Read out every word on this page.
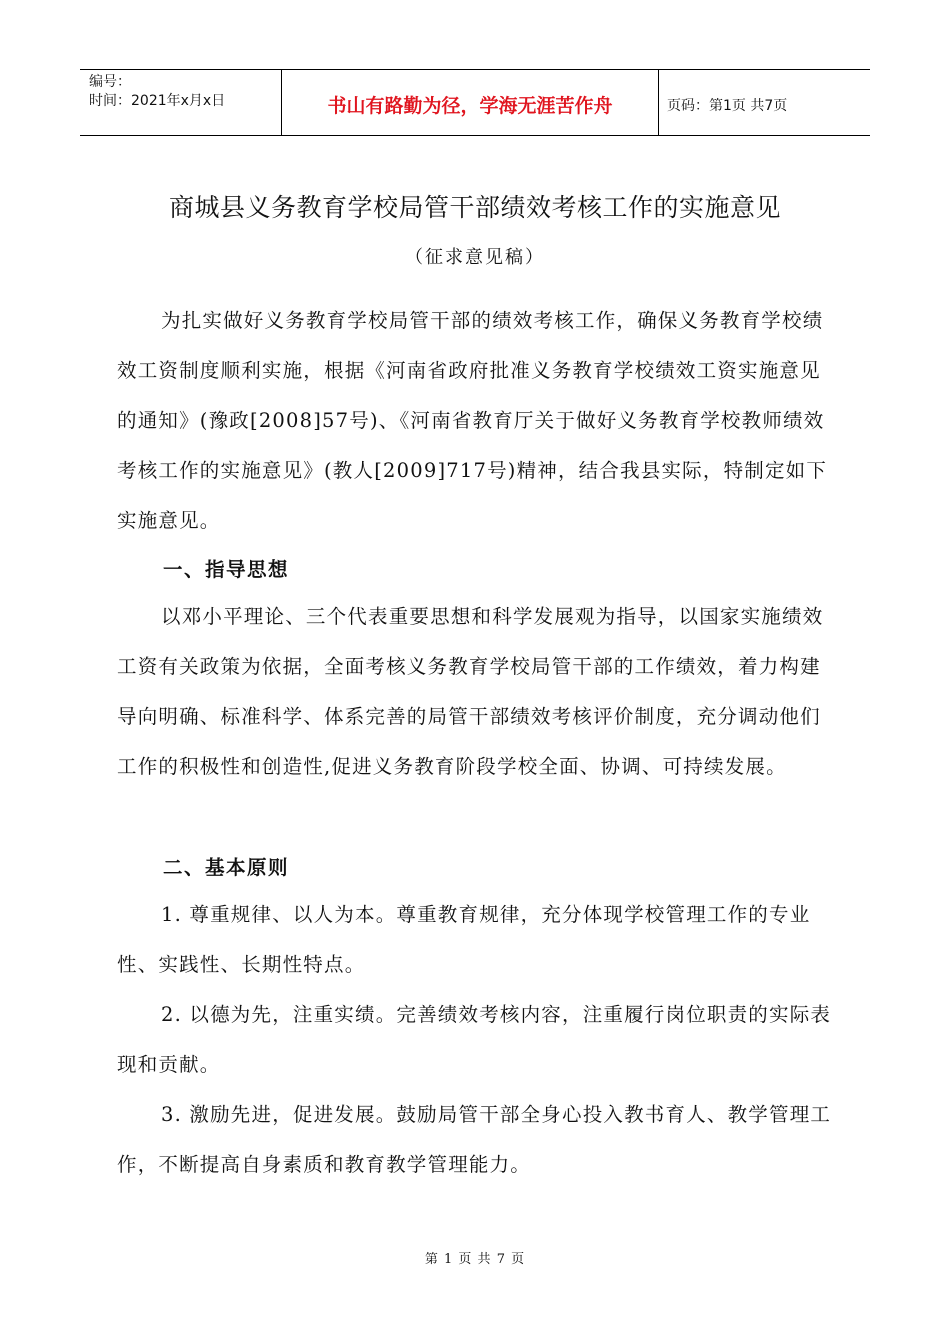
编号：
时间：2021年x月x日	书山有路勤为径，学海无涯苦作舟	页码：第1页 共7页
商城县义务教育学校局管干部绩效考核工作的实施意见

（征求意见稿）

为扎实做好义务教育学校局管干部的绩效考核工作，确保义务教育学校绩效工资制度顺利实施，根据《河南省政府批准义务教育学校绩效工资实施意见的通知》(豫政[2008]57号)、《河南省教育厅关于做好义务教育学校教师绩效考核工作的实施意见》(教人[2009]717号)精神，结合我县实际，特制定如下实施意见。

一、指导思想

以邓小平理论、三个代表重要思想和科学发展观为指导，以国家实施绩效工资有关政策为依据，全面考核义务教育学校局管干部的工作绩效，着力构建导向明确、标准科学、体系完善的局管干部绩效考核评价制度，充分调动他们工作的积极性和创造性,促进义务教育阶段学校全面、协调、可持续发展。

二、基本原则

1. 尊重规律、以人为本。尊重教育规律，充分体现学校管理工作的专业性、实践性、长期性特点。

2. 以德为先，注重实绩。完善绩效考核内容，注重履行岗位职责的实际表现和贡献。

3. 激励先进，促进发展。鼓励局管干部全身心投入教书育人、教学管理工作，不断提高自身素质和教育教学管理能力。

第 1 页 共 7 页
